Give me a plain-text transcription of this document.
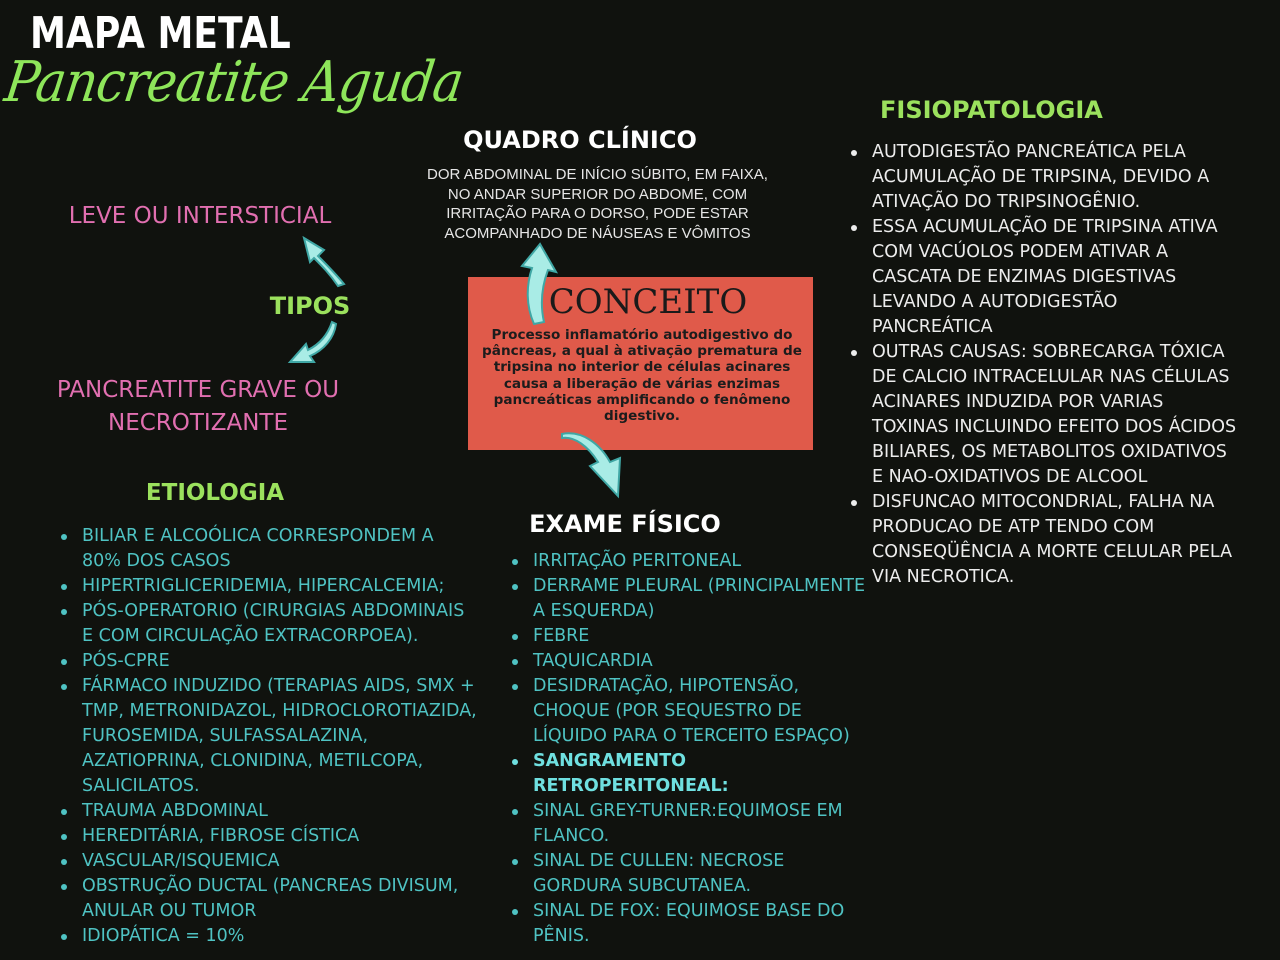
MAPA METAL
Pancreatite Aguda
QUADRO CLÍNICO
DOR ABDOMINAL DE INÍCIO SÚBITO, EM FAIXA, NO ANDAR SUPERIOR DO ABDOME, COM IRRITAÇÃO PARA O DORSO, PODE ESTAR ACOMPANHADO DE NÁUSEAS E VÔMITOS
LEVE OU INTERSTICIAL
TIPOS
PANCREATITE GRAVE OU
NECROTIZANTE
CONCEITO
Processo inflamatório autodigestivo do pâncreas, a qual à ativação prematura de tripsina no interior de células acinares causa a liberação de várias enzimas pancreáticas amplificando o fenômeno digestivo.
ETIOLOGIA
BILIAR E ALCOÓLICA CORRESPONDEM A 80% DOS CASOS
HIPERTRIGLICERIDEMIA, HIPERCALCEMIA;
PÓS-OPERATORIO (CIRURGIAS ABDOMINAIS E COM CIRCULAÇÃO EXTRACORPOEA).
PÓS-CPRE
FÁRMACO INDUZIDO (TERAPIAS AIDS, SMX + TMP, METRONIDAZOL, HIDROCLOROTIAZIDA, FUROSEMIDA, SULFASSALAZINA, AZATIOPRINA, CLONIDINA, METILCOPA, SALICILATOS.
TRAUMA ABDOMINAL
HEREDITÁRIA, FIBROSE CÍSTICA
VASCULAR/ISQUEMICA
OBSTRUÇÃO DUCTAL (PANCREAS DIVISUM, ANULAR OU TUMOR
IDIOPÁTICA = 10%
EXAME FÍSICO
IRRITAÇÃO PERITONEAL
DERRAME PLEURAL (PRINCIPALMENTE A ESQUERDA)
FEBRE
TAQUICARDIA
DESIDRATAÇÃO, HIPOTENSÃO, CHOQUE (POR SEQUESTRO DE LÍQUIDO PARA O TERCEITO ESPAÇO)
SANGRAMENTO RETROPERITONEAL:
SINAL GREY-TURNER:EQUIMOSE EM FLANCO.
SINAL DE CULLEN: NECROSE GORDURA SUBCUTANEA.
SINAL DE FOX: EQUIMOSE BASE DO PÊNIS.
FISIOPATOLOGIA
AUTODIGESTÃO PANCREÁTICA PELA ACUMULAÇÃO DE TRIPSINA, DEVIDO A ATIVAÇÃO DO TRIPSINOGÊNIO.
ESSA ACUMULAÇÃO DE TRIPSINA ATIVA COM VACÚOLOS PODEM ATIVAR A CASCATA DE ENZIMAS DIGESTIVAS LEVANDO A AUTODIGESTÃO PANCREÁTICA
OUTRAS CAUSAS: SOBRECARGA TÓXICA DE CALCIO INTRACELULAR NAS CÉLULAS ACINARES INDUZIDA POR VARIAS TOXINAS INCLUINDO EFEITO DOS ÁCIDOS BILIARES, OS METABOLITOS OXIDATIVOS E NAO-OXIDATIVOS DE ALCOOL
DISFUNCAO MITOCONDRIAL, FALHA NA PRODUCAO DE ATP TENDO COM CONSEQÜÊNCIA A MORTE CELULAR PELA VIA NECROTICA.
